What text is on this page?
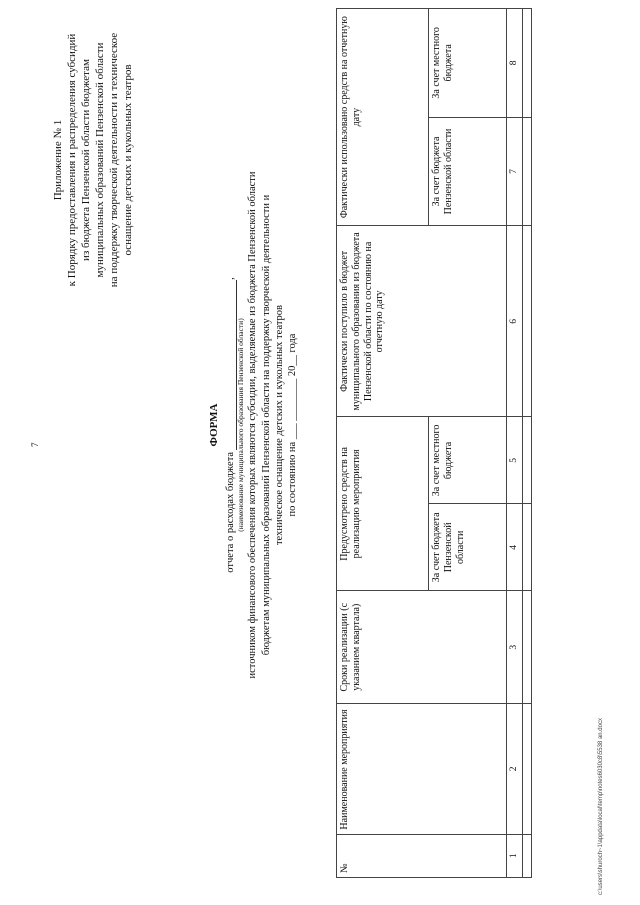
7
Приложение № 1 к Порядку предоставления и распределения субсидий из бюджета Пензенской области бюджетам муниципальных образований Пензенской области на поддержку творческой деятельности и техническое оснащение детских и кукольных театров
ФОРМА
отчета о расходах бюджета
,
(наименование муниципального образования Пензенской области) источником финансового обеспечения которых являются субсидии, выделяемые из бюджета Пензенской области бюджетам муниципальных образований Пензенской области на поддержку творческой деятельности и техническое оснащение детских и кукольных театров по состоянию на ___ ________ 20__ года
№	Наименование мероприятия	Сроки реализации (с указанием квартала)	Предусмотрено средств на реализацию мероприятия		Фактически поступило в бюджет муниципального образования из бюджета Пензенской области по состоянию на отчетную дату	Фактически использовано средств на отчетную дату	
			За счет бюджета Пензенской области	За счет местного бюджета		За счет бюджета Пензенской области	За счет местного бюджета
1	2	3	4	5	6	7	8

c:\users\shuroch~1\appdata\local\temp\notes6030c8\5538 an.docx
